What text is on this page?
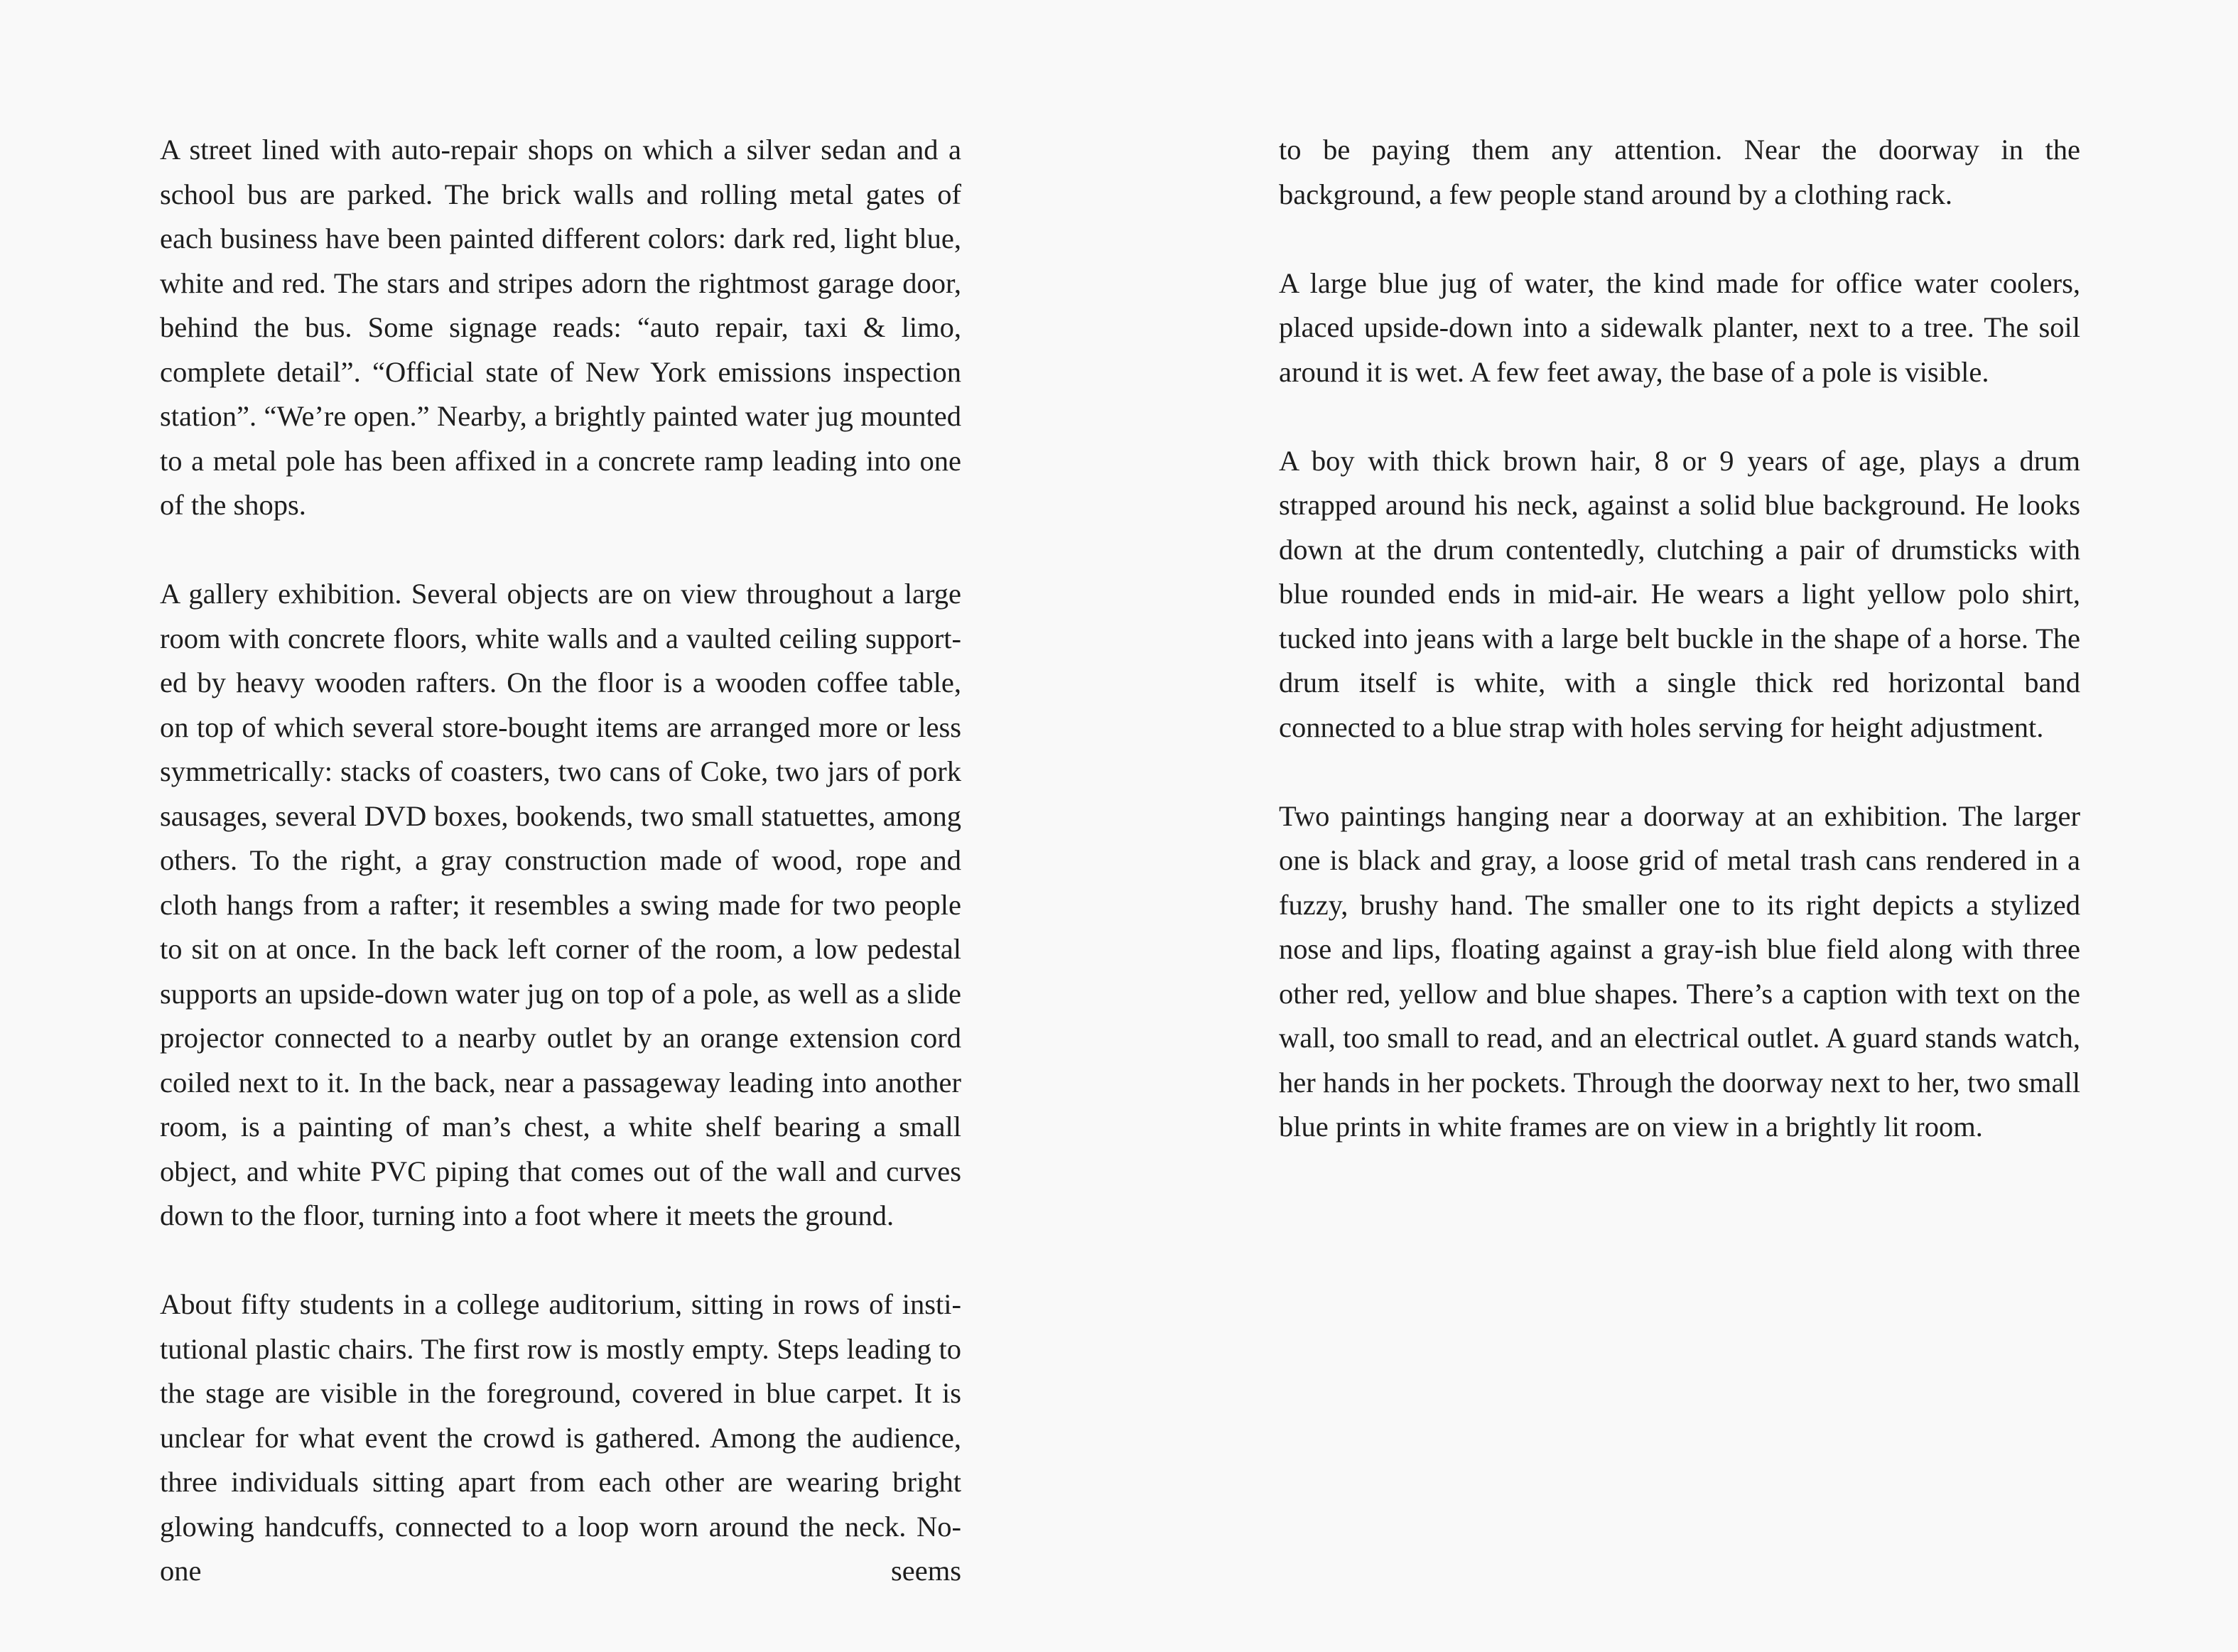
A street lined with auto-repair shops on which a silver sedan and a school bus are parked. The brick walls and rolling metal gates of each business have been painted different colors: dark red, light blue, white and red. The stars and stripes adorn the rightmost garage door, behind the bus. Some signage reads: “auto repair, taxi & limo, complete detail”. “Official state of New York emissions inspection station”. “We’re open.” Nearby, a brightly painted water jug mounted to a metal pole has been affixed in a concrete ramp leading into one of the shops.

A gallery exhibition. Several objects are on view throughout a large room with concrete floors, white walls and a vaulted ceiling supported by heavy wooden rafters. On the floor is a wooden coffee table, on top of which several store-bought items are arranged more or less symmetrically: stacks of coasters, two cans of Coke, two jars of pork sausages, several DVD boxes, bookends, two small statuettes, among others. To the right, a gray construction made of wood, rope and cloth hangs from a rafter; it resembles a swing made for two people to sit on at once. In the back left corner of the room, a low pedestal supports an upside-down water jug on top of a pole, as well as a slide projector connected to a nearby outlet by an orange extension cord coiled next to it. In the back, near a passageway leading into another room, is a painting of man’s chest, a white shelf bearing a small object, and white PVC piping that comes out of the wall and curves down to the floor, turning into a foot where it meets the ground.

About fifty students in a college auditorium, sitting in rows of institutional plastic chairs. The first row is mostly empty. Steps leading to the stage are visible in the foreground, covered in blue carpet. It is unclear for what event the crowd is gathered. Among the audience, three individuals sitting apart from each other are wearing bright glowing handcuffs, connected to a loop worn around the neck. No-one seems

to be paying them any attention. Near the doorway in the background, a few people stand around by a clothing rack.

A large blue jug of water, the kind made for office water coolers, placed upside-down into a sidewalk planter, next to a tree. The soil around it is wet. A few feet away, the base of a pole is visible.

A boy with thick brown hair, 8 or 9 years of age, plays a drum strapped around his neck, against a solid blue background. He looks down at the drum contentedly, clutching a pair of drumsticks with blue rounded ends in mid-air. He wears a light yellow polo shirt, tucked into jeans with a large belt buckle in the shape of a horse. The drum itself is white, with a single thick red horizontal band connected to a blue strap with holes serving for height adjustment.

Two paintings hanging near a doorway at an exhibition. The larger one is black and gray, a loose grid of metal trash cans rendered in a fuzzy, brushy hand. The smaller one to its right depicts a stylized nose and lips, floating against a gray-ish blue field along with three other red, yellow and blue shapes. There’s a caption with text on the wall, too small to read, and an electrical outlet. A guard stands watch, her hands in her pockets. Through the doorway next to her, two small blue prints in white frames are on view in a brightly lit room.
